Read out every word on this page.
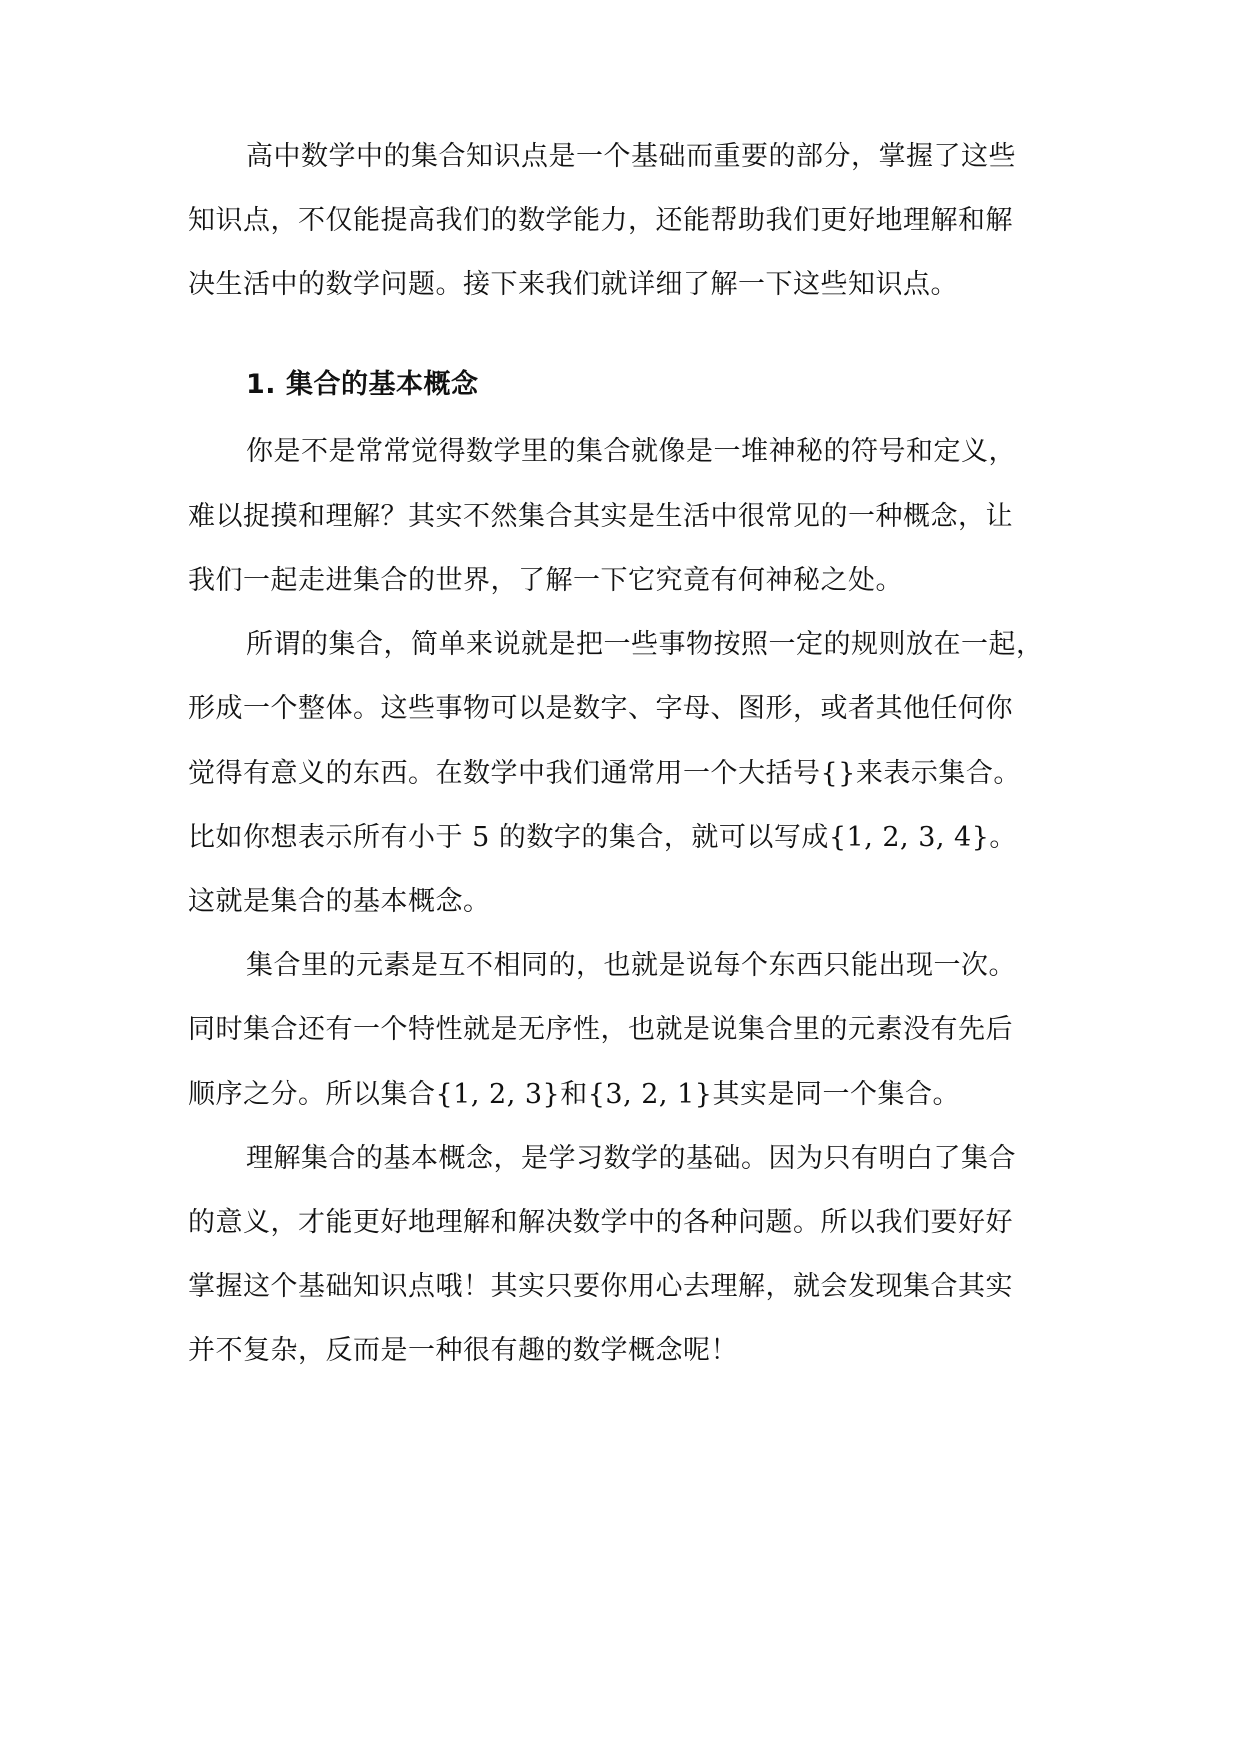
高中数学中的集合知识点是一个基础而重要的部分，掌握了这些
知识点，不仅能提高我们的数学能力，还能帮助我们更好地理解和解
决生活中的数学问题。接下来我们就详细了解一下这些知识点。
1. 集合的基本概念
你是不是常常觉得数学里的集合就像是一堆神秘的符号和定义，
难以捉摸和理解？其实不然集合其实是生活中很常见的一种概念，让
我们一起走进集合的世界，了解一下它究竟有何神秘之处。
所谓的集合，简单来说就是把一些事物按照一定的规则放在一起，
形成一个整体。这些事物可以是数字、字母、图形，或者其他任何你
觉得有意义的东西。在数学中我们通常用一个大括号{}来表示集合。
比如你想表示所有小于 5 的数字的集合，就可以写成{1, 2, 3, 4}。
这就是集合的基本概念。
集合里的元素是互不相同的，也就是说每个东西只能出现一次。
同时集合还有一个特性就是无序性，也就是说集合里的元素没有先后
顺序之分。所以集合{1, 2, 3}和{3, 2, 1}其实是同一个集合。
理解集合的基本概念，是学习数学的基础。因为只有明白了集合
的意义，才能更好地理解和解决数学中的各种问题。所以我们要好好
掌握这个基础知识点哦！其实只要你用心去理解，就会发现集合其实
并不复杂，反而是一种很有趣的数学概念呢！
